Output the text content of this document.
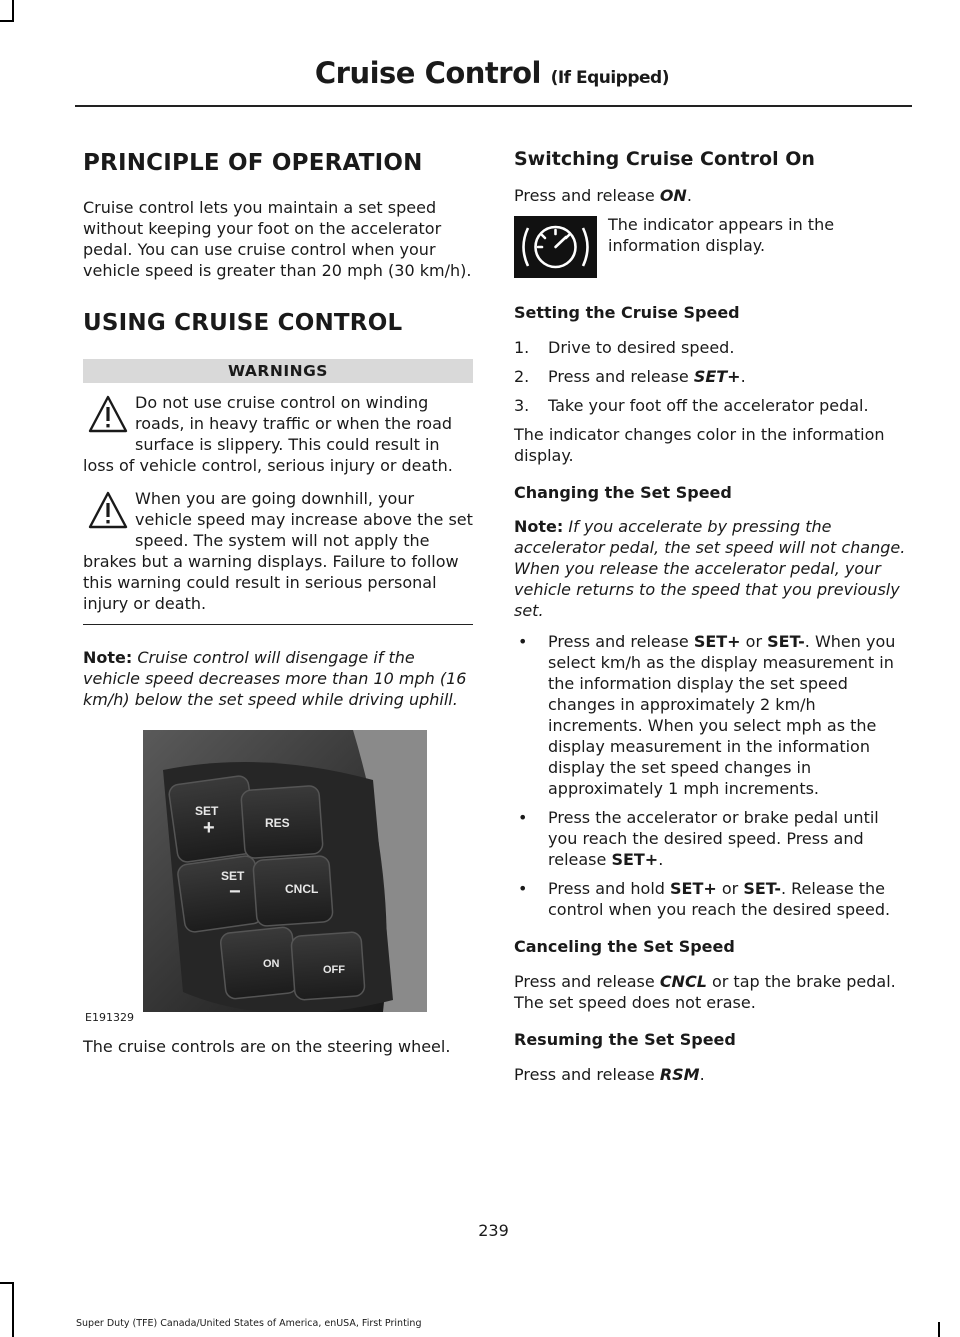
Cruise Control (If Equipped)
PRINCIPLE OF OPERATION

Cruise control lets you maintain a set speed without keeping your foot on the accelerator pedal. You can use cruise control when your vehicle speed is greater than 20 mph (30 km/h).

USING CRUISE CONTROL
WARNINGS

Do not use cruise control on winding roads, in heavy traffic or when the road surface is slippery. This could result in loss of vehicle control, serious injury or death.

When you are going downhill, your vehicle speed may increase above the set speed. The system will not apply the brakes but a warning displays. Failure to follow this warning could result in serious personal injury or death.

Note: Cruise control will disengage if the vehicle speed decreases more than 10 mph (16 km/h) below the set speed while driving uphill.

SET
+	RES
SET
−	CNCL
ON	OFF
E191329

The cruise controls are on the steering wheel.

Switching Cruise Control On

Press and release ON.

The indicator appears in the information display.

Setting the Cruise Speed
1. Drive to desired speed.
2. Press and release SET+.
3. Take your foot off the accelerator pedal.

The indicator changes color in the information display.

Changing the Set Speed

Note: If you accelerate by pressing the accelerator pedal, the set speed will not change. When you release the accelerator pedal, your vehicle returns to the speed that you previously set.

• Press and release SET+ or SET-. When you select km/h as the display measurement in the information display the set speed changes in approximately 2 km/h increments. When you select mph as the display measurement in the information display the set speed changes in approximately 1 mph increments.
• Press the accelerator or brake pedal until you reach the desired speed. Press and release SET+.
• Press and hold SET+ or SET-. Release the control when you reach the desired speed.
Canceling the Set Speed

Press and release CNCL or tap the brake pedal. The set speed does not erase.

Resuming the Set Speed

Press and release RSM.

239
Super Duty (TFE) Canada/United States of America, enUSA, First Printing
